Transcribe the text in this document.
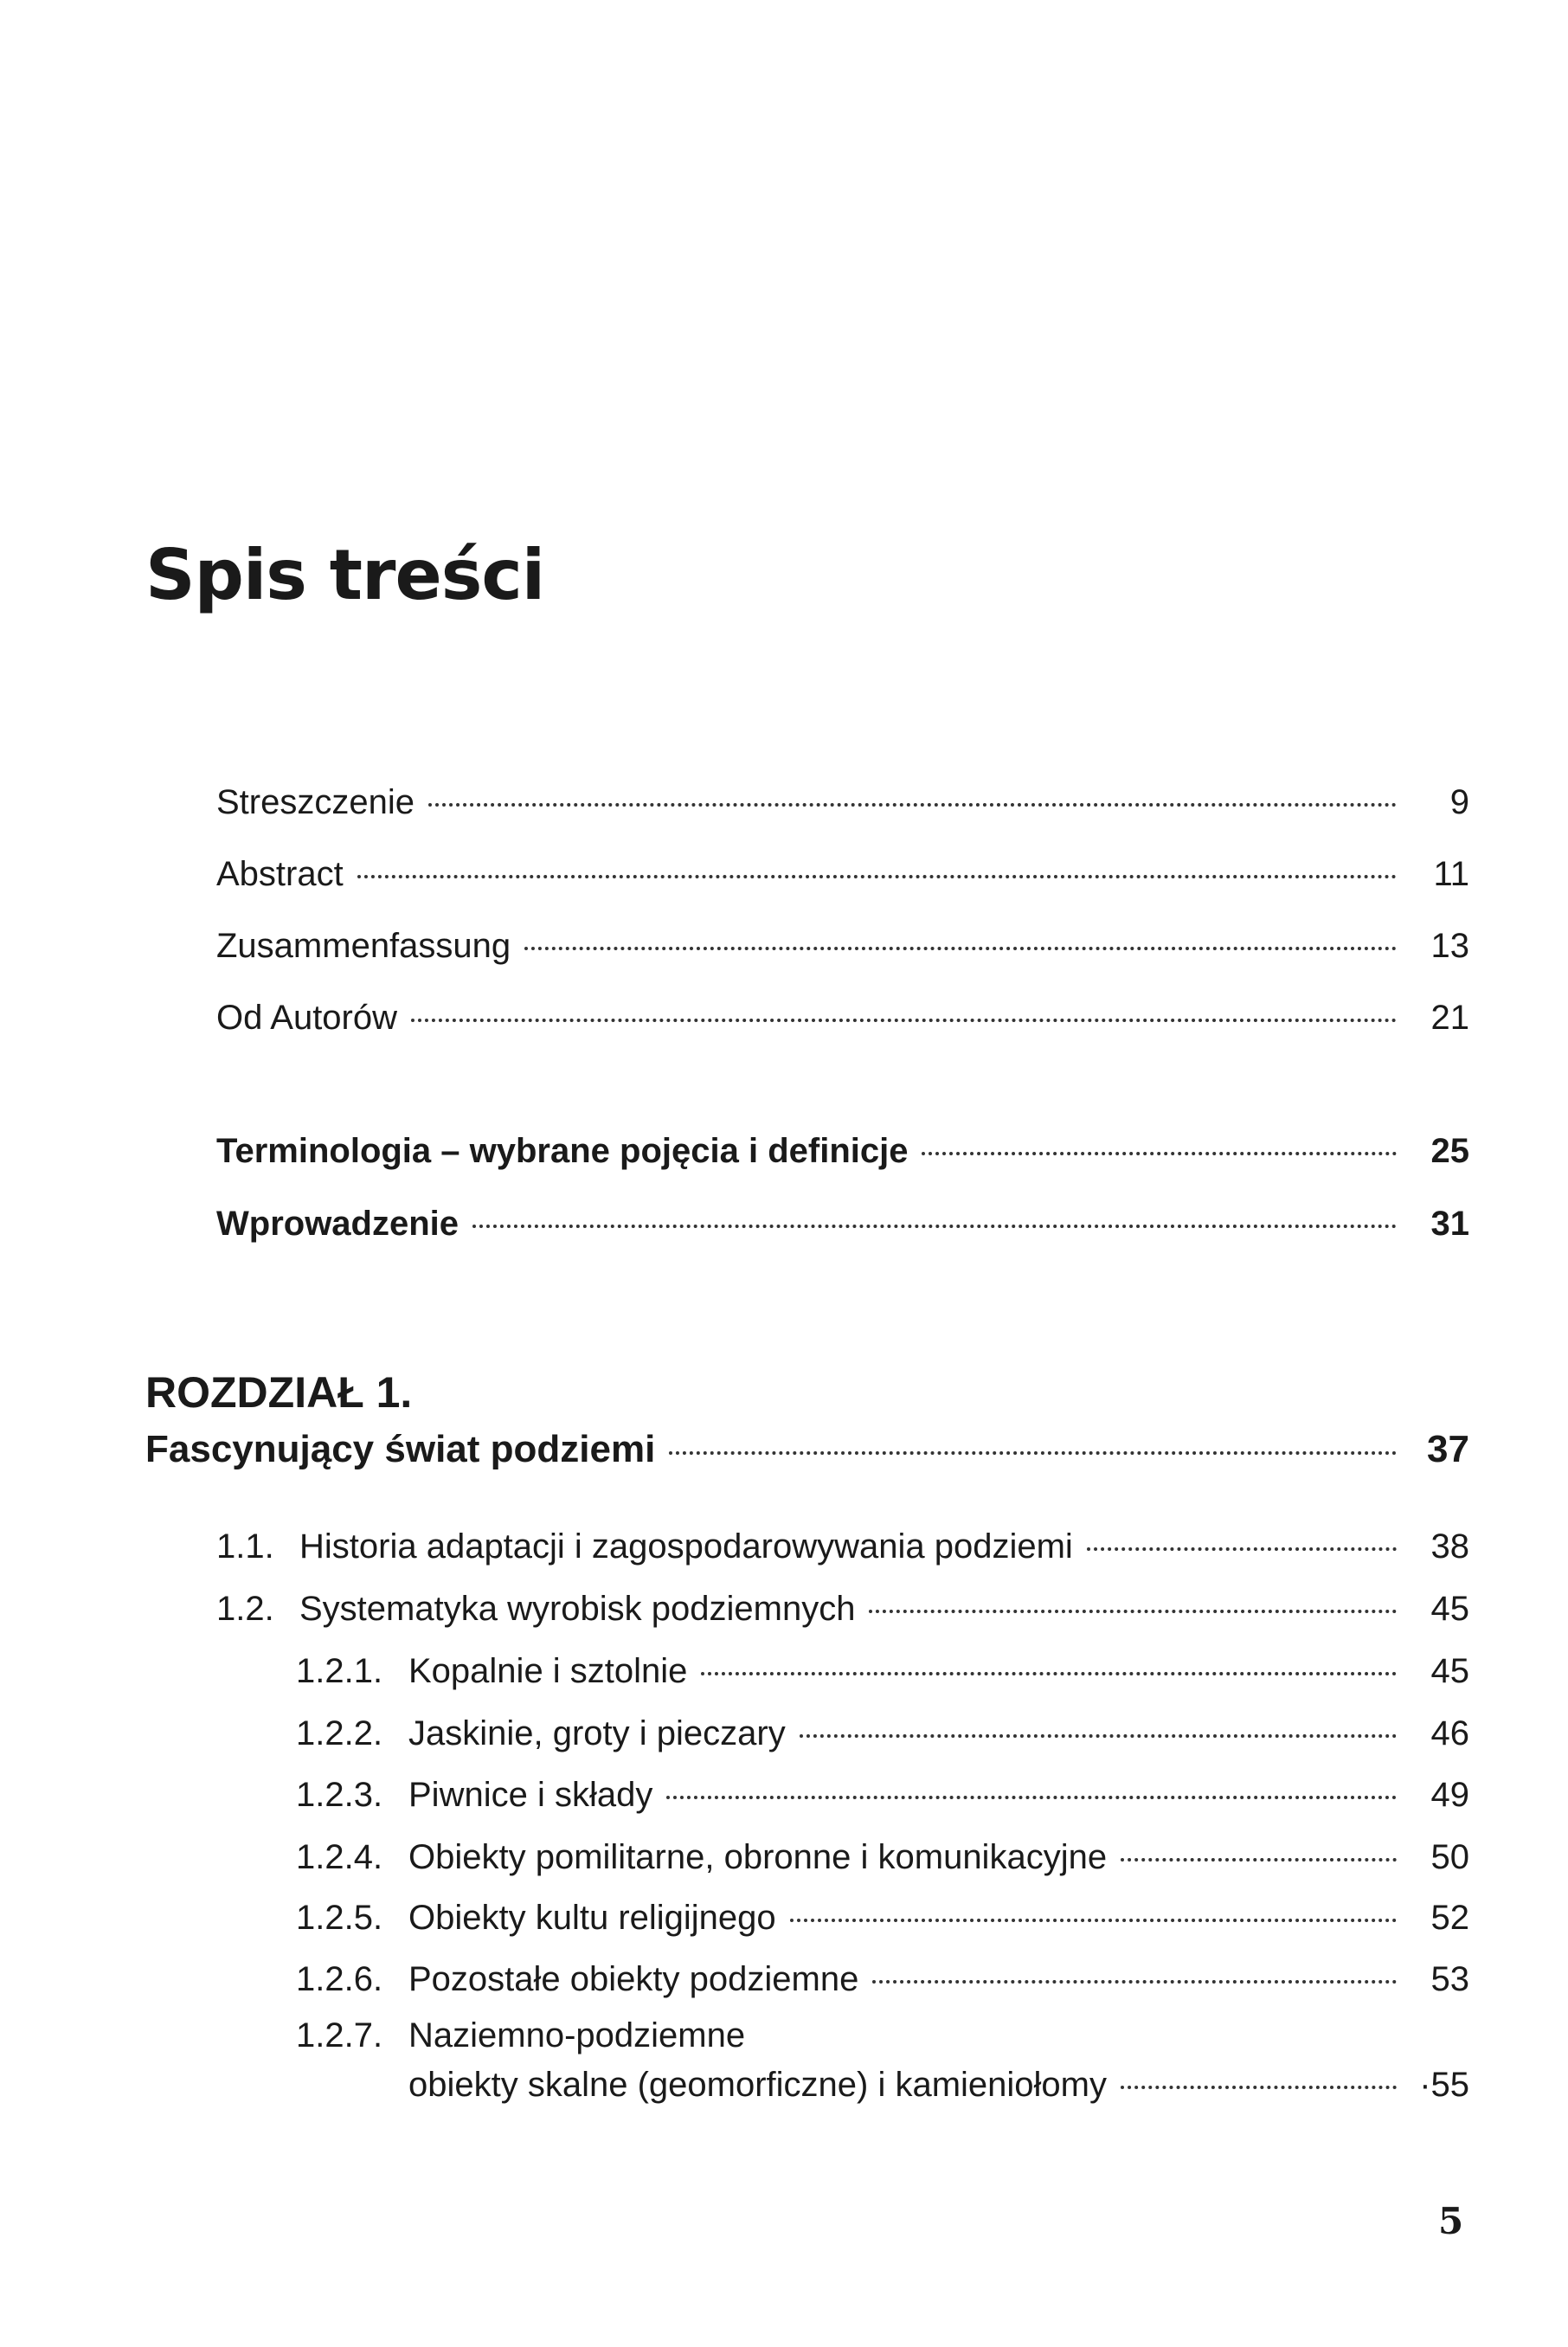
Spis treści
Streszczenie	9
Abstract	11
Zusammenfassung	13
Od Autorów	21
Terminologia – wybrane pojęcia i definicje	25
Wprowadzenie	31
ROZDZIAŁ 1.
Fascynujący świat podziemi	37
1.1. Historia adaptacji i zagospodarowywania podziemi	38
1.2. Systematyka wyrobisk podziemnych	45
1.2.1. Kopalnie i sztolnie	45
1.2.2. Jaskinie, groty i pieczary	46
1.2.3. Piwnice i składy	49
1.2.4. Obiekty pomilitarne, obronne i komunikacyjne	50
1.2.5. Obiekty kultu religijnego	52
1.2.6. Pozostałe obiekty podziemne	53
1.2.7. Naziemno-podziemne
obiekty skalne (geomorficzne) i kamieniołomy	·55
5
